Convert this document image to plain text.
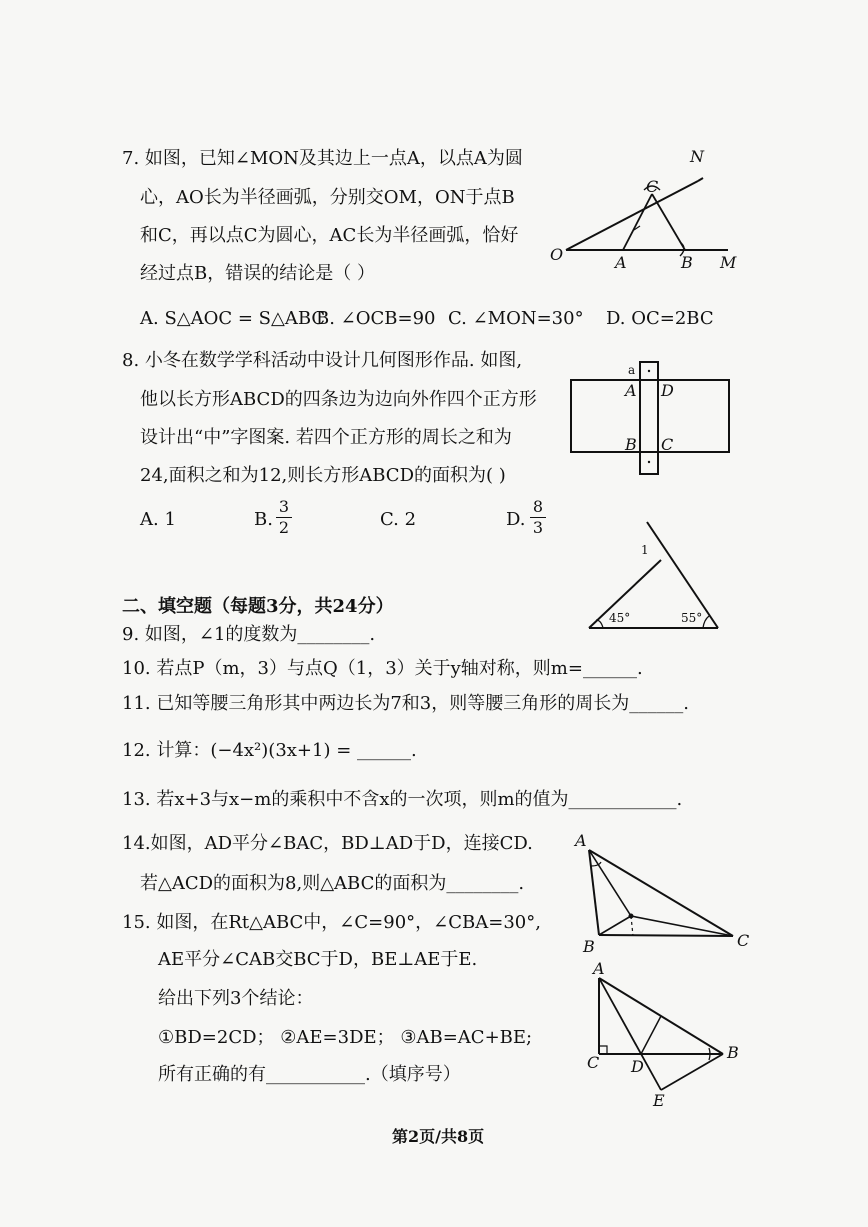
7. 如图，已知∠MON及其边上一点A，以点A为圆
心，AO长为半径画弧，分别交OM，ON于点B
和C，再以点C为圆心，AC长为半径画弧，恰好
经过点B，错误的结论是（ ）
A. S△AOC = S△ABC
B. ∠OCB=90 C. ∠MON=30° D. OC=2BC
N
C
O	A	B M
8. 小冬在数学学科活动中设计几何图形作品. 如图,
他以长方形ABCD的四条边为边向外作四个正方形
设计出“中”字图案. 若四个正方形的周长之和为
24,面积之和为12,则长方形ABCD的面积为( )
A. 1	B.
3
2	C. 2	D.
8
3
a
A D
B C
1
45°	55°
二、填空题（每题3分，共24分）
9. 如图，∠1的度数为________.
10. 若点P（m，3）与点Q（1，3）关于y轴对称，则m=______.
11. 已知等腰三角形其中两边长为7和3，则等腰三角形的周长为______.
12. 计算：(−4x²)(3x+1) = ______.
13. 若x+3与x−m的乘积中不含x的一次项，则m的值为____________.
14.如图，AD平分∠BAC，BD⊥AD于D，连接CD.
若△ACD的面积为8,则△ABC的面积为________.
A
B	C
15. 如图，在Rt△ABC中，∠C=90°，∠CBA=30°,
AE平分∠CAB交BC于D，BE⊥AE于E.
给出下列3个结论：
①BD=2CD； ②AE=3DE； ③AB=AC+BE;
所有正确的有___________.（填序号）
A
C D
B
E
第2页/共8页
